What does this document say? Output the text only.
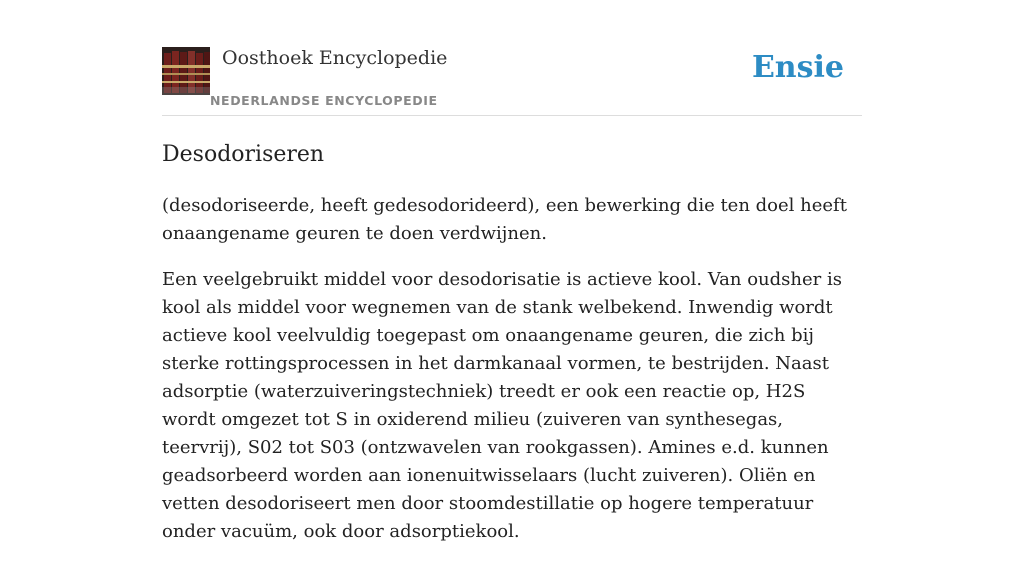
Oosthoek Encyclopedie
NEDERLANDSE ENCYCLOPEDIE
Ensie
Desodoriseren

(desodoriseerde, heeft gedesodorideerd), een bewerking die ten doel heeft onaangename geuren te doen verdwijnen.

Een veelgebruikt middel voor desodorisatie is actieve kool. Van oudsher is kool als middel voor wegnemen van de stank welbekend. Inwendig wordt actieve kool veelvuldig toegepast om onaangename geuren, die zich bij sterke rottingsprocessen in het darmkanaal vormen, te bestrijden. Naast adsorptie (waterzuiveringstechniek) treedt er ook een reactie op, H2S wordt omgezet tot S in oxiderend milieu (zuiveren van synthesegas, teervrij), S02 tot S03 (ontzwavelen van rookgassen). Amines e.d. kunnen geadsorbeerd worden aan ionenuitwisselaars (lucht zuiveren). Oliën en vetten desodoriseert men door stoomdestillatie op hogere temperatuur onder vacuüm, ook door adsorptiekool.
